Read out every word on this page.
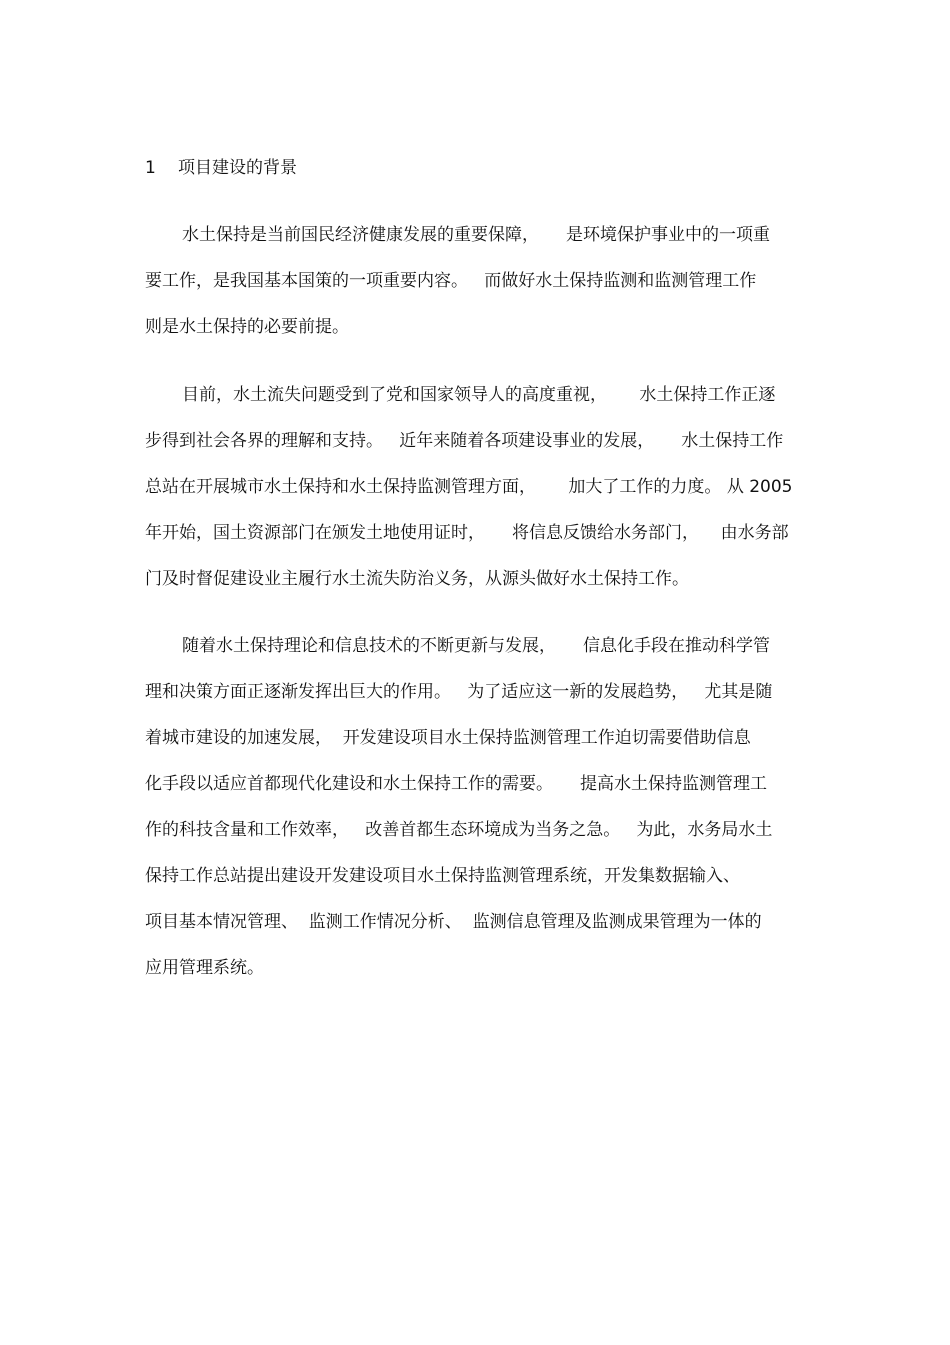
1 项目建设的背景
水土保持是当前国民经济健康发展的重要保障，     是环境保护事业中的一项重
要工作，是我国基本国策的一项重要内容。   而做好水土保持监测和监测管理工作
则是水土保持的必要前提。
目前，水土流失问题受到了党和国家领导人的高度重视，      水土保持工作正逐
步得到社会各界的理解和支持。   近年来随着各项建设事业的发展，     水土保持工作
总站在开展城市水土保持和水土保持监测管理方面，      加大了工作的力度。 从 2005
年开始，国土资源部门在颁发土地使用证时，     将信息反馈给水务部门，    由水务部
门及时督促建设业主履行水土流失防治义务，从源头做好水土保持工作。
随着水土保持理论和信息技术的不断更新与发展，     信息化手段在推动科学管
理和决策方面正逐渐发挥出巨大的作用。   为了适应这一新的发展趋势，   尤其是随
着城市建设的加速发展，  开发建设项目水土保持监测管理工作迫切需要借助信息
化手段以适应首都现代化建设和水土保持工作的需要。     提高水土保持监测管理工
作的科技含量和工作效率，   改善首都生态环境成为当务之急。   为此，水务局水土
保持工作总站提出建设开发建设项目水土保持监测管理系统，开发集数据输入、
项目基本情况管理、  监测工作情况分析、  监测信息管理及监测成果管理为一体的
应用管理系统。
